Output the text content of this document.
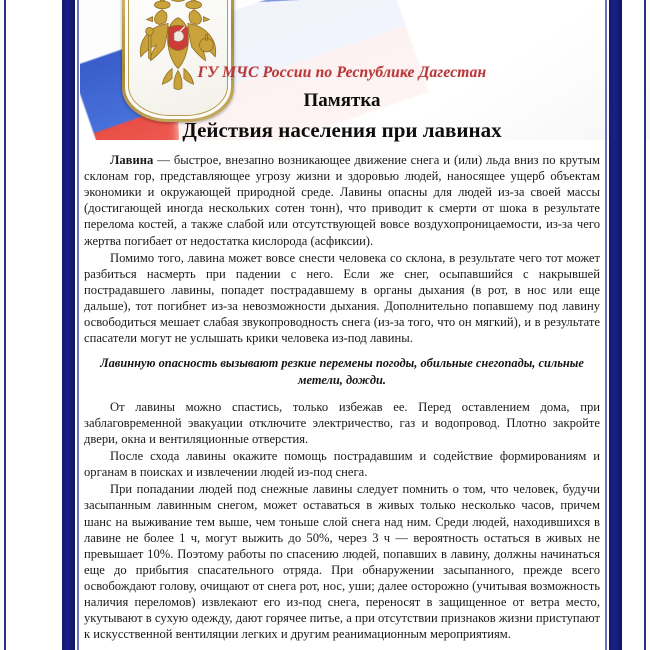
ГУ МЧС России по Республике Дагестан
Памятка
Действия населения при лавинах

Лавина — быстрое, внезапно возникающее движение снега и (или) льда вниз по крутым склонам гор, представляющее угрозу жизни и здоровью людей, наносящее ущерб объектам экономики и окружающей природной среде. Лавины опасны для людей из-за своей массы (достигающей иногда нескольких сотен тонн), что приводит к смерти от шока в результате перелома костей, а также слабой или отсутствующей вовсе воздухопроницаемости, из-за чего жертва погибает от недостатка кислорода (асфиксии).

Помимо того, лавина может вовсе снести человека со склона, в результате чего тот может разбиться насмерть при падении с него. Если же снег, осыпавшийся с накрывшей пострадавшего лавины, попадет пострадавшему в органы дыхания (в рот, в нос или еще дальше), тот погибнет из-за невозможности дыхания. Дополнительно попавшему под лавину освободиться мешает слабая звукопроводность снега (из-за того, что он мягкий), и в результате спасатели могут не услышать крики человека из-под лавины.

Лавинную опасность вызывают резкие перемены погоды, обильные снегопады, сильные метели, дожди.

От лавины можно спастись, только избежав ее. Перед оставлением дома, при заблаговременной эвакуации отключите электричество, газ и водопровод. Плотно закройте двери, окна и вентиляционные отверстия.

После схода лавины окажите помощь пострадавшим и содействие формированиям и органам в поисках и извлечении людей из-под снега.

При попадании людей под снежные лавины следует помнить о том, что человек, будучи засыпанным лавинным снегом, может оставаться в живых только несколько часов, причем шанс на выживание тем выше, чем тоньше слой снега над ним. Среди людей, находившихся в лавине не более 1 ч, могут выжить до 50%, через 3 ч — вероятность остаться в живых не превышает 10%. Поэтому работы по спасению людей, попавших в лавину, должны начинаться еще до прибытия спасательного отряда. При обнаружении засыпанного, прежде всего освобождают голову, очищают от снега рот, нос, уши; далее осторожно (учитывая возможность наличия переломов) извлекают его из-под снега, переносят в защищенное от ветра место, укутывают в сухую одежду, дают горячее питье, а при отсутствии признаков жизни приступают к искусственной вентиляции легких и другим реанимационным мероприятиям.
